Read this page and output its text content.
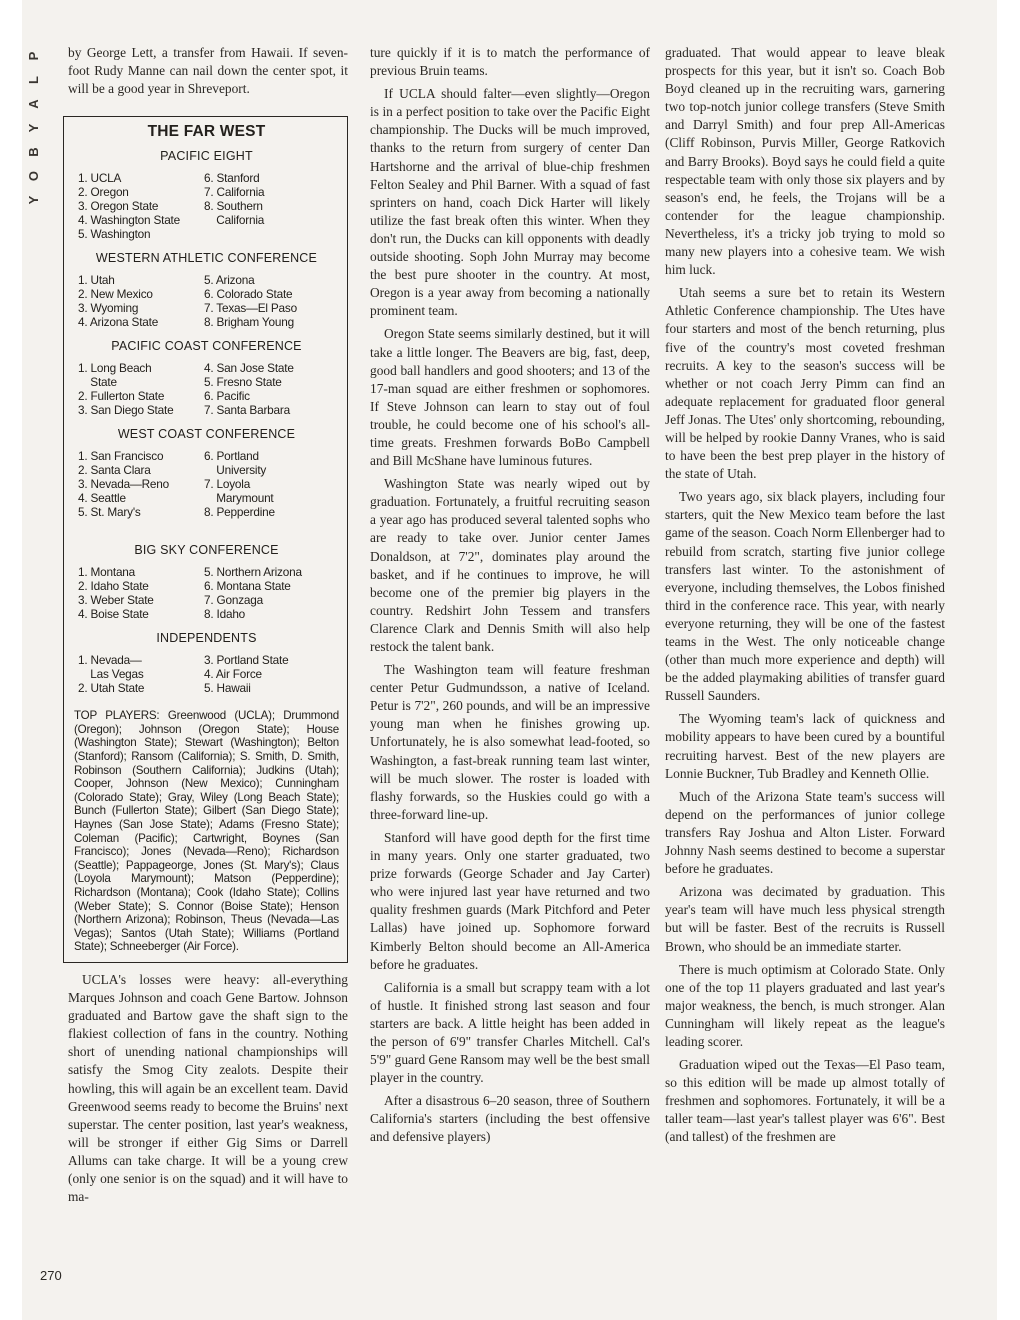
P
L
A
Y
B
O
Y
270

by George Lett, a transfer from Hawaii. If seven-foot Rudy Manne can nail down the center spot, it will be a good year in Shreveport.

THE FAR WEST
PACIFIC EIGHT
1. UCLA	6. Stanford
2. Oregon	7. California
3. Oregon State	8. Southern
4. Washington State	California
5. Washington

WESTERN ATHLETIC CONFERENCE
1. Utah	5. Arizona
2. New Mexico	6. Colorado State
3. Wyoming	7. Texas—El Paso
4. Arizona State	8. Brigham Young
PACIFIC COAST CONFERENCE
1. Long Beach	4. San Jose State
State	5. Fresno State
2. Fullerton State	6. Pacific
3. San Diego State	7. Santa Barbara
WEST COAST CONFERENCE
1. San Francisco	6. Portland
2. Santa Clara	University
3. Nevada—Reno	7. Loyola
4. Seattle	Marymount
5. St. Mary's	8. Pepperdine

BIG SKY CONFERENCE
1. Montana	5. Northern Arizona
2. Idaho State	6. Montana State
3. Weber State	7. Gonzaga
4. Boise State	8. Idaho
INDEPENDENTS
1. Nevada—	3. Portland State
Las Vegas	4. Air Force
2. Utah State	5. Hawaii
TOP PLAYERS: Greenwood (UCLA); Drummond (Oregon); Johnson (Oregon State); House (Washington State); Stewart (Washington); Belton (Stanford); Ransom (California); S. Smith, D. Smith, Robinson (Southern California); Judkins (Utah); Cooper, Johnson (New Mexico); Cunningham (Colorado State); Gray, Wiley (Long Beach State); Bunch (Fullerton State); Gilbert (San Diego State); Haynes (San Jose State); Adams (Fresno State); Coleman (Pacific); Cartwright, Boynes (San Francisco); Jones (Nevada—Reno); Richardson (Seattle); Pappageorge, Jones (St. Mary's); Claus (Loyola Marymount); Matson (Pepperdine); Richardson (Montana); Cook (Idaho State); Collins (Weber State); S. Connor (Boise State); Henson (Northern Arizona); Robinson, Theus (Nevada—Las Vegas); Santos (Utah State); Williams (Portland State); Schneeberger (Air Force).

UCLA's losses were heavy: all-everything Marques Johnson and coach Gene Bartow. Johnson graduated and Bartow gave the shaft sign to the flakiest collection of fans in the country. Nothing short of unending national championships will satisfy the Smog City zealots. Despite their howling, this will again be an excellent team. David Greenwood seems ready to become the Bruins' next superstar. The center position, last year's weakness, will be stronger if either Gig Sims or Darrell Allums can take charge. It will be a young crew (only one senior is on the squad) and it will have to ma-

ture quickly if it is to match the performance of previous Bruin teams.

If UCLA should falter—even slightly—Oregon is in a perfect position to take over the Pacific Eight championship. The Ducks will be much improved, thanks to the return from surgery of center Dan Hartshorne and the arrival of blue-chip freshmen Felton Sealey and Phil Barner. With a squad of fast sprinters on hand, coach Dick Harter will likely utilize the fast break often this winter. When they don't run, the Ducks can kill opponents with deadly outside shooting. Soph John Murray may become the best pure shooter in the country. At most, Oregon is a year away from becoming a nationally prominent team.

Oregon State seems similarly destined, but it will take a little longer. The Beavers are big, fast, deep, good ball handlers and good shooters; and 13 of the 17-man squad are either freshmen or sophomores. If Steve Johnson can learn to stay out of foul trouble, he could become one of his school's all-time greats. Freshmen forwards BoBo Campbell and Bill McShane have luminous futures.

Washington State was nearly wiped out by graduation. Fortunately, a fruitful recruiting season a year ago has produced several talented sophs who are ready to take over. Junior center James Donaldson, at 7'2", dominates play around the basket, and if he continues to improve, he will become one of the premier big players in the country. Redshirt John Tessem and transfers Clarence Clark and Dennis Smith will also help restock the talent bank.

The Washington team will feature freshman center Petur Gudmundsson, a native of Iceland. Petur is 7'2", 260 pounds, and will be an impressive young man when he finishes growing up. Unfortunately, he is also somewhat lead-footed, so Washington, a fast-break running team last winter, will be much slower. The roster is loaded with flashy forwards, so the Huskies could go with a three-forward line-up.

Stanford will have good depth for the first time in many years. Only one starter graduated, two prize forwards (George Schader and Jay Carter) who were injured last year have returned and two quality freshmen guards (Mark Pitchford and Peter Lallas) have joined up. Sophomore forward Kimberly Belton should become an All-America before he graduates.

California is a small but scrappy team with a lot of hustle. It finished strong last season and four starters are back. A little height has been added in the person of 6'9" transfer Charles Mitchell. Cal's 5'9" guard Gene Ransom may well be the best small player in the country.

After a disastrous 6–20 season, three of Southern California's starters (including the best offensive and defensive players)

graduated. That would appear to leave bleak prospects for this year, but it isn't so. Coach Bob Boyd cleaned up in the recruiting wars, garnering two top-notch junior college transfers (Steve Smith and Darryl Smith) and four prep All-Americas (Cliff Robinson, Purvis Miller, George Ratkovich and Barry Brooks). Boyd says he could field a quite respectable team with only those six players and by season's end, he feels, the Trojans will be a contender for the league championship. Nevertheless, it's a tricky job trying to mold so many new players into a cohesive team. We wish him luck.

Utah seems a sure bet to retain its Western Athletic Conference championship. The Utes have four starters and most of the bench returning, plus five of the country's most coveted freshman recruits. A key to the season's success will be whether or not coach Jerry Pimm can find an adequate replacement for graduated floor general Jeff Jonas. The Utes' only shortcoming, rebounding, will be helped by rookie Danny Vranes, who is said to have been the best prep player in the history of the state of Utah.

Two years ago, six black players, including four starters, quit the New Mexico team before the last game of the season. Coach Norm Ellenberger had to rebuild from scratch, starting five junior college transfers last winter. To the astonishment of everyone, including themselves, the Lobos finished third in the conference race. This year, with nearly everyone returning, they will be one of the fastest teams in the West. The only noticeable change (other than much more experience and depth) will be the added playmaking abilities of transfer guard Russell Saunders.

The Wyoming team's lack of quickness and mobility appears to have been cured by a bountiful recruiting harvest. Best of the new players are Lonnie Buckner, Tub Bradley and Kenneth Ollie.

Much of the Arizona State team's success will depend on the performances of junior college transfers Ray Joshua and Alton Lister. Forward Johnny Nash seems destined to become a superstar before he graduates.

Arizona was decimated by graduation. This year's team will have much less physical strength but will be faster. Best of the recruits is Russell Brown, who should be an immediate starter.

There is much optimism at Colorado State. Only one of the top 11 players graduated and last year's major weakness, the bench, is much stronger. Alan Cunningham will likely repeat as the league's leading scorer.

Graduation wiped out the Texas—El Paso team, so this edition will be made up almost totally of freshmen and sophomores. Fortunately, it will be a taller team—last year's tallest player was 6'6". Best (and tallest) of the freshmen are
